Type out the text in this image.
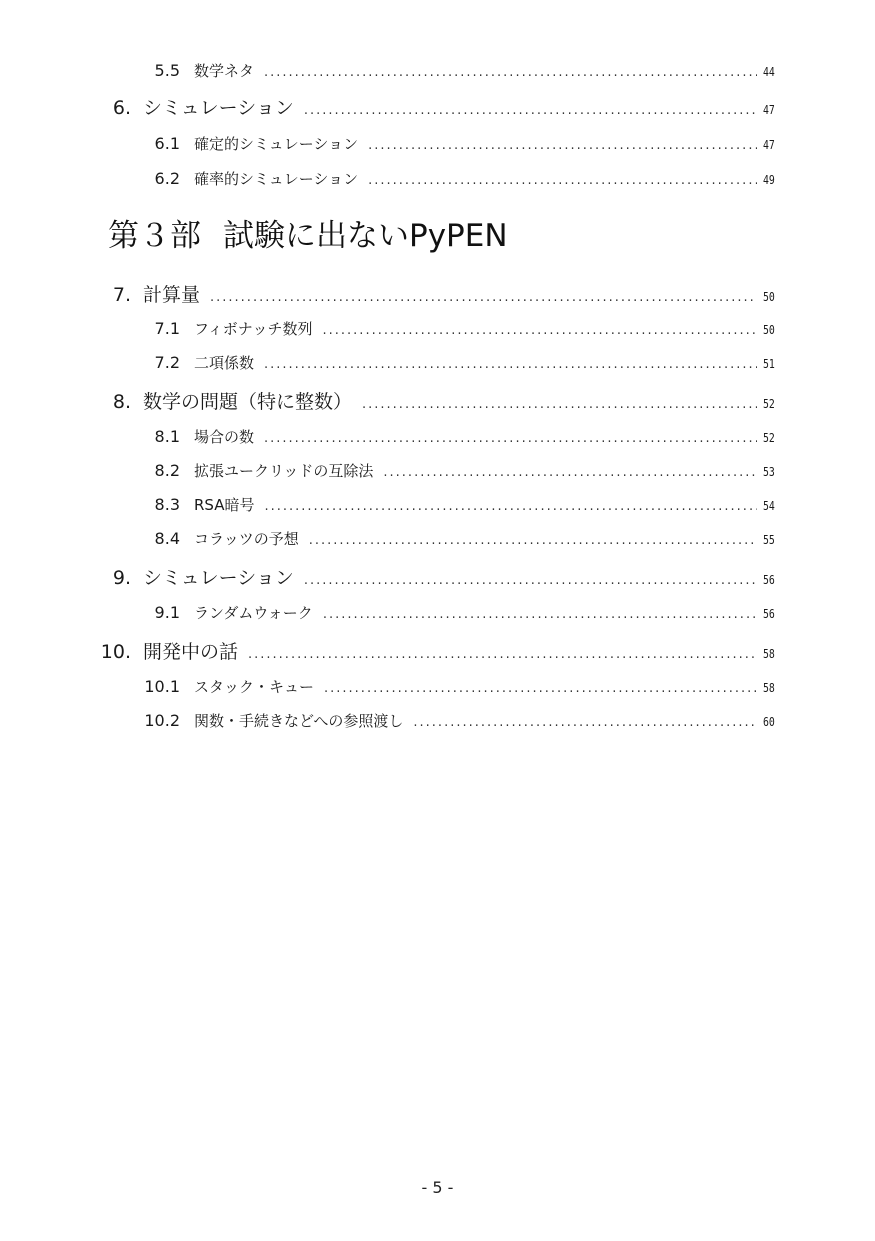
5.5 数学ネタ .....	44
6. シミュレーション .....	47
6.1 確定的シミュレーション .....	47
6.2 確率的シミュレーション .....	49
第３部 試験に出ないPyPEN
7. 計算量 .....	50
7.1 フィボナッチ数列 .....	50
7.2 二項係数 .....	51
8. 数学の問題（特に整数） .....	52
8.1 場合の数 .....	52
8.2 拡張ユークリッドの互除法 .....	53
8.3 RSA暗号 .....	54
8.4 コラッツの予想 .....	55
9. シミュレーション .....	56
9.1 ランダムウォーク .....	56
10. 開発中の話 .....	58
10.1 スタック・キュー .....	58
10.2 関数・手続きなどへの参照渡し .....	60
- 5 -
